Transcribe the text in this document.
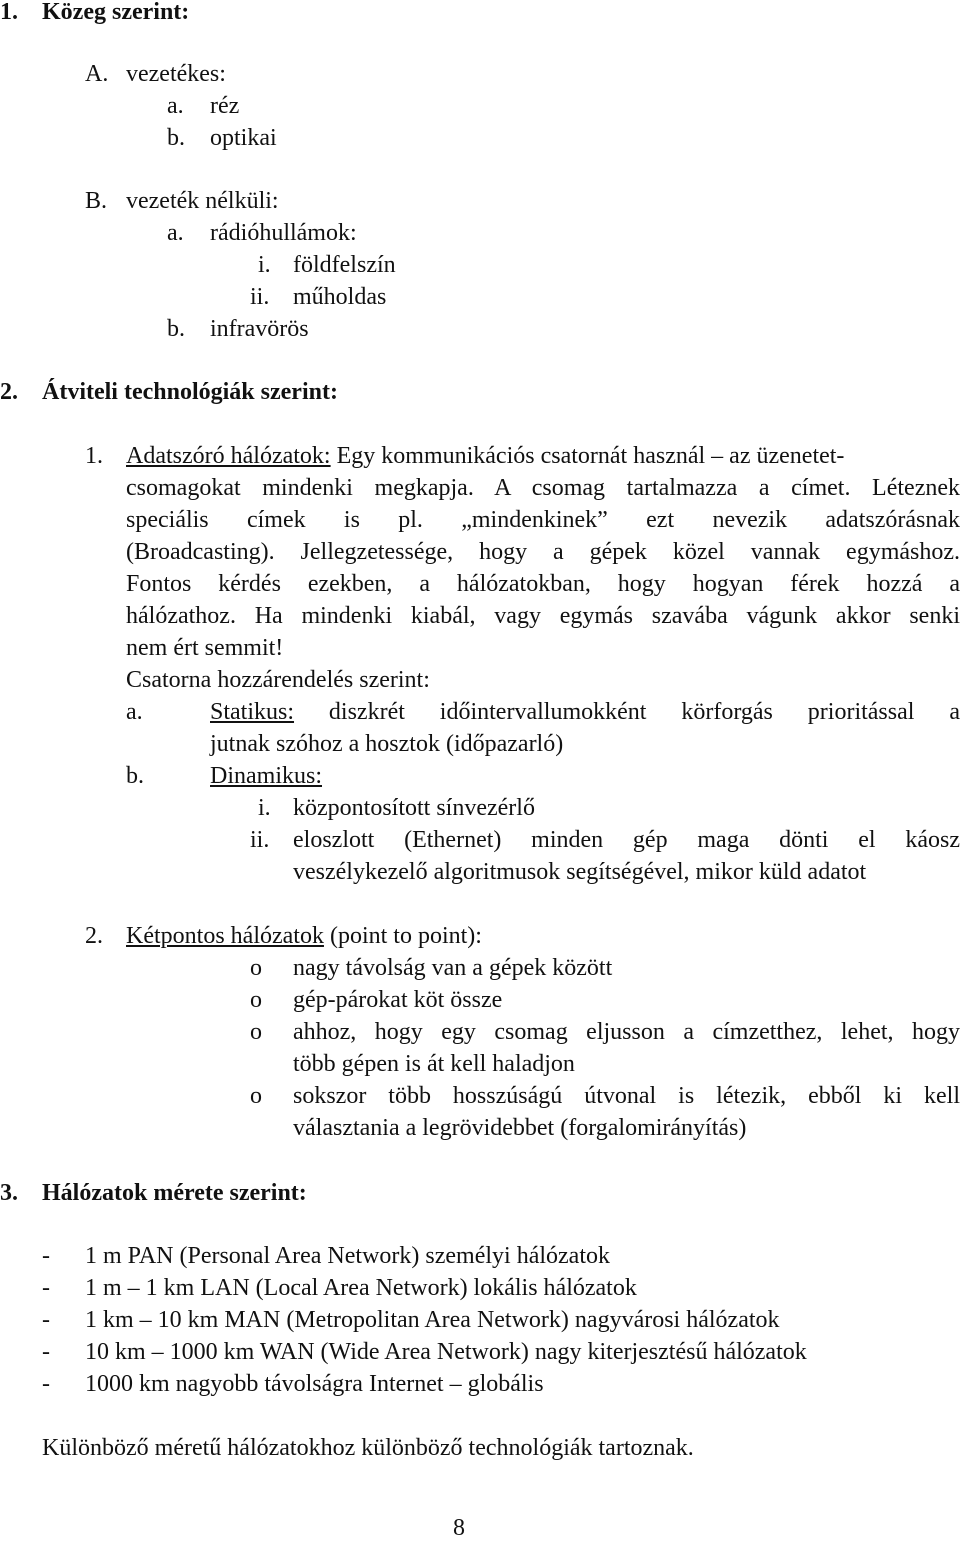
1. Közeg szerint:
A. vezetékes:
a. réz
b. optikai
B. vezeték nélküli:
a. rádióhullámok:
i. földfelszín
ii. műholdas
b. infravörös
2. Átviteli technológiák szerint:
1. Adatszóró hálózatok: Egy kommunikációs csatornát használ – az üzenetet-
csomagokat mindenki megkapja. A csomag tartalmazza a címet. Léteznek
speciális címek is pl. „mindenkinek” ezt nevezik adatszórásnak
(Broadcasting). Jellegzetessége, hogy a gépek közel vannak egymáshoz.
Fontos kérdés ezekben, a hálózatokban, hogy hogyan férek hozzá a
hálózathoz. Ha mindenki kiabál, vagy egymás szavába vágunk akkor senki
nem ért semmit!
Csatorna hozzárendelés szerint:
a.	Statikus: diszkrét időintervallumokként körforgás prioritással a
jutnak szóhoz a hosztok (időpazarló)
b.	Dinamikus:
i. központosított sínvezérlő
ii. eloszlott (Ethernet) minden gép maga dönti el káosz
veszélykezelő algoritmusok segítségével, mikor küld adatot
2. Kétpontos hálózatok (point to point):
o nagy távolság van a gépek között
o gép-párokat köt össze
o ahhoz, hogy egy csomag eljusson a címzetthez, lehet, hogy
több gépen is át kell haladjon
o sokszor több hosszúságú útvonal is létezik, ebből ki kell
választania a legrövidebbet (forgalomirányítás)
3. Hálózatok mérete szerint:
- 1 m PAN (Personal Area Network) személyi hálózatok
- 1 m – 1 km LAN (Local Area Network) lokális hálózatok
- 1 km – 10 km MAN (Metropolitan Area Network) nagyvárosi hálózatok
- 10 km – 1000 km WAN (Wide Area Network) nagy kiterjesztésű hálózatok
- 1000 km nagyobb távolságra Internet – globális
Különböző méretű hálózatokhoz különböző technológiák tartoznak.
8
